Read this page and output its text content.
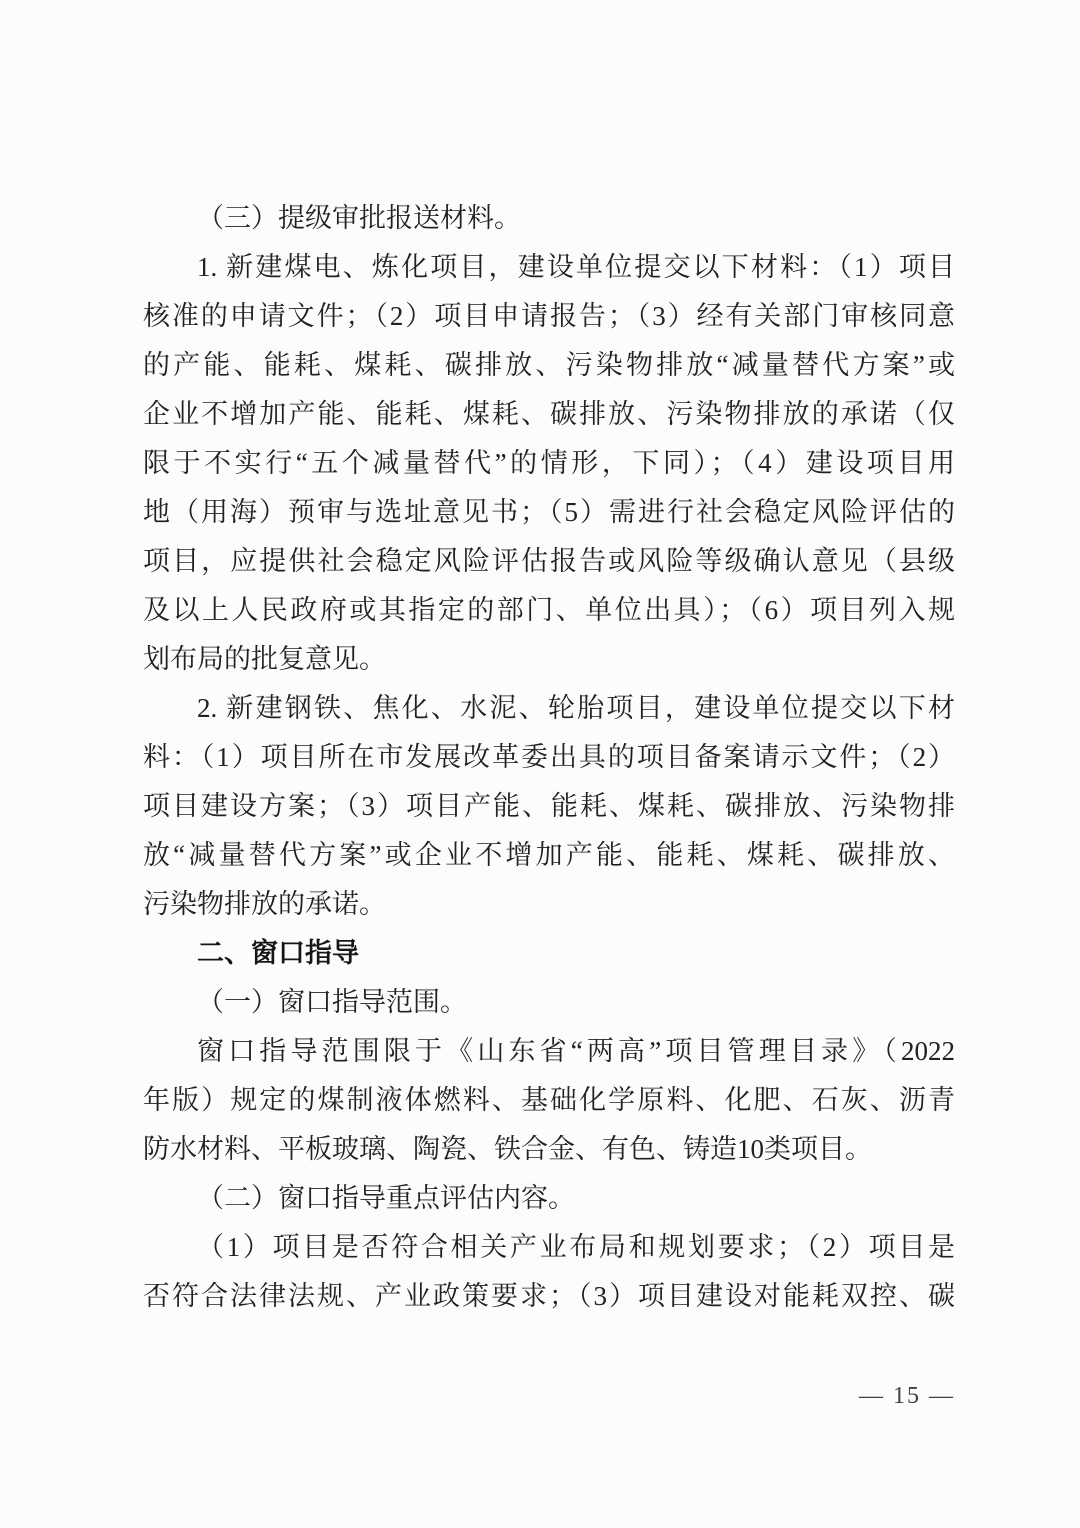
（三）提级审批报送材料。
1. 新建煤电、炼化项目，建设单位提交以下材料：（1）项目
核准的申请文件；（2）项目申请报告；（3）经有关部门审核同意
的产能、能耗、煤耗、碳排放、污染物排放“减量替代方案”或
企业不增加产能、能耗、煤耗、碳排放、污染物排放的承诺（仅
限于不实行“五个减量替代”的情形，下同）；（4）建设项目用
地（用海）预审与选址意见书；（5）需进行社会稳定风险评估的
项目，应提供社会稳定风险评估报告或风险等级确认意见（县级
及以上人民政府或其指定的部门、单位出具）；（6）项目列入规
划布局的批复意见。
2. 新建钢铁、焦化、水泥、轮胎项目，建设单位提交以下材
料：（1）项目所在市发展改革委出具的项目备案请示文件；（2）
项目建设方案；（3）项目产能、能耗、煤耗、碳排放、污染物排
放“减量替代方案”或企业不增加产能、能耗、煤耗、碳排放、
污染物排放的承诺。
二、窗口指导
（一）窗口指导范围。
窗口指导范围限于《山东省“两高”项目管理目录》（2022
年版）规定的煤制液体燃料、基础化学原料、化肥、石灰、沥青
防水材料、平板玻璃、陶瓷、铁合金、有色、铸造10类项目。
（二）窗口指导重点评估内容。
（1）项目是否符合相关产业布局和规划要求；（2）项目是
否符合法律法规、产业政策要求；（3）项目建设对能耗双控、碳
— 15 —
